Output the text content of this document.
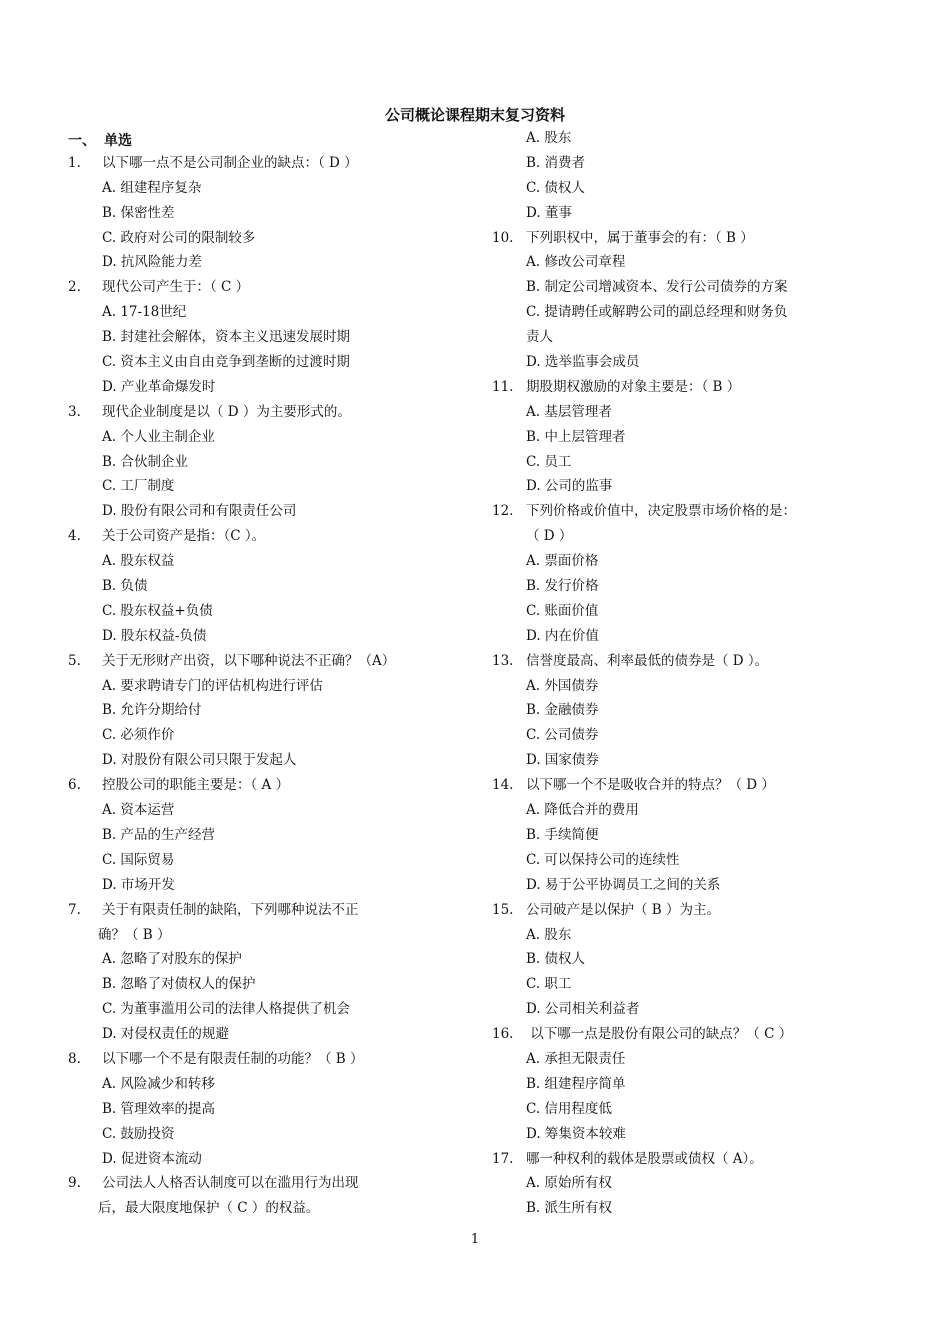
公司概论课程期末复习资料
一、 单选
1. 以下哪一点不是公司制企业的缺点：（ D ）
A. 组建程序复杂
B. 保密性差
C. 政府对公司的限制较多
D. 抗风险能力差
2. 现代公司产生于：（ C ）
A. 17-18世纪
B. 封建社会解体，资本主义迅速发展时期
C. 资本主义由自由竞争到垄断的过渡时期
D. 产业革命爆发时
3. 现代企业制度是以（ D ）为主要形式的。
A. 个人业主制企业
B. 合伙制企业
C. 工厂制度
D. 股份有限公司和有限责任公司
4. 关于公司资产是指：（C ）。
A. 股东权益
B. 负债
C. 股东权益+负债
D. 股东权益-负债
5. 关于无形财产出资，以下哪种说法不正确？（A）
A. 要求聘请专门的评估机构进行评估
B. 允许分期给付
C. 必须作价
D. 对股份有限公司只限于发起人
6. 控股公司的职能主要是：（ A ）
A. 资本运营
B. 产品的生产经营
C. 国际贸易
D. 市场开发
7. 关于有限责任制的缺陷，下列哪种说法不正
确？（ B ）
A. 忽略了对股东的保护
B. 忽略了对债权人的保护
C. 为董事滥用公司的法律人格提供了机会
D. 对侵权责任的规避
8. 以下哪一个不是有限责任制的功能？（ B ）
A. 风险减少和转移
B. 管理效率的提高
C. 鼓励投资
D. 促进资本流动
9. 公司法人人格否认制度可以在滥用行为出现
后，最大限度地保护（ C ）的权益。
A. 股东
B. 消费者
C. 债权人
D. 董事
10. 下列职权中，属于董事会的有：（ B ）
A. 修改公司章程
B. 制定公司增减资本、发行公司债券的方案
C. 提请聘任或解聘公司的副总经理和财务负
责人
D. 选举监事会成员
11. 期股期权激励的对象主要是：（ B ）
A. 基层管理者
B. 中上层管理者
C. 员工
D. 公司的监事
12. 下列价格或价值中，决定股票市场价格的是：
（ D ）
A. 票面价格
B. 发行价格
C. 账面价值
D. 内在价值
13. 信誉度最高、利率最低的债券是（ D ）。
A. 外国债券
B. 金融债券
C. 公司债券
D. 国家债券
14. 以下哪一个不是吸收合并的特点？（ D ）
A. 降低合并的费用
B. 手续简便
C. 可以保持公司的连续性
D. 易于公平协调员工之间的关系
15. 公司破产是以保护（ B ）为主。
A. 股东
B. 债权人
C. 职工
D. 公司相关利益者
16. 以下哪一点是股份有限公司的缺点？（ C ）
A. 承担无限责任
B. 组建程序简单
C. 信用程度低
D. 筹集资本较难
17. 哪一种权利的载体是股票或债权（ A）。
A. 原始所有权
B. 派生所有权
1
